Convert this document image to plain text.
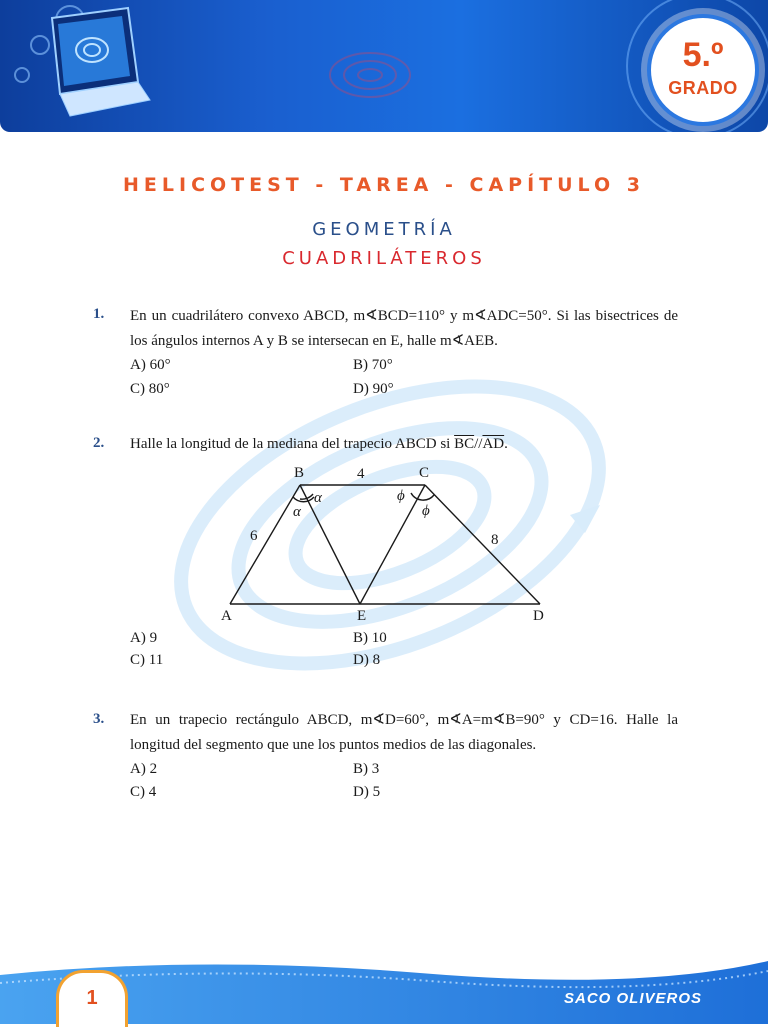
5.º
GRADO
HELICOTEST - TAREA - CAPÍTULO 3
GEOMETRÍA
CUADRILÁTEROS
1. En un cuadrilátero convexo ABCD, m∢BCD=110° y m∢ADC=50°. Si las bisectrices de los ángulos internos A y B se intersecan en E, halle m∢AEB.
A) 60°	B) 70°
C) 80°	D) 90°
2. Halle la longitud de la mediana del trapecio ABCD si $\overline{BC}//\overline{AD}$.
B	C
A	E	D
4
6	8
α
α
ϕ
ϕ
A) 9	B) 10
C) 11	D) 8
3. En un trapecio rectángulo ABCD, m∢D=60°, m∢A=m∢B=90° y CD=16. Halle la longitud del segmento que une los puntos medios de las diagonales.
A) 2	B) 3
C) 4	D) 5
1	SACO OLIVEROS
